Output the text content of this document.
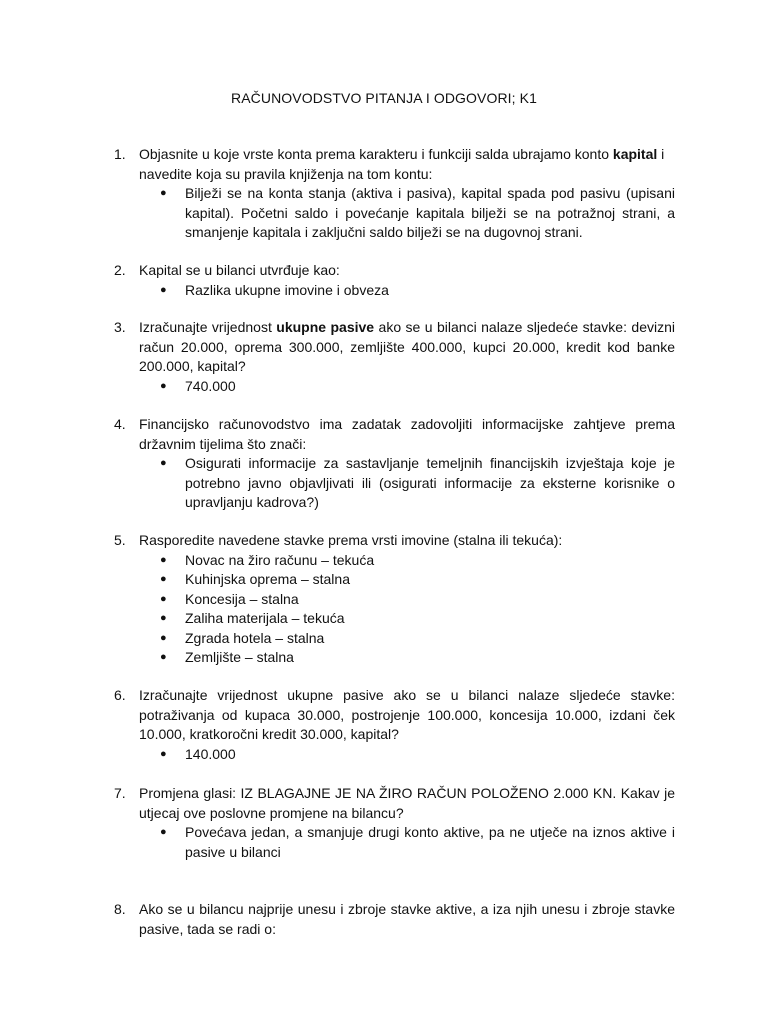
RAČUNOVODSTVO PITANJA I ODGOVORI; K1
1. Objasnite u koje vrste konta prema karakteru i funkciji salda ubrajamo konto kapital i navedite koja su pravila knjiženja na tom kontu:
● Bilježi se na konta stanja (aktiva i pasiva), kapital spada pod pasivu (upisani kapital). Početni saldo i povećanje kapitala bilježi se na potražnoj strani, a smanjenje kapitala i zaključni saldo bilježi se na dugovnoj strani.
2. Kapital se u bilanci utvrđuje kao:
● Razlika ukupne imovine i obveza
3. Izračunajte vrijednost ukupne pasive ako se u bilanci nalaze sljedeće stavke: devizni račun 20.000, oprema 300.000, zemljište 400.000, kupci 20.000, kredit kod banke 200.000, kapital?
● 740.000
4. Financijsko računovodstvo ima zadatak zadovoljiti informacijske zahtjeve prema državnim tijelima što znači:
● Osigurati informacije za sastavljanje temeljnih financijskih izvještaja koje je potrebno javno objavljivati ili (osigurati informacije za eksterne korisnike o upravljanju kadrova?)
5. Rasporedite navedene stavke prema vrsti imovine (stalna ili tekuća):
● Novac na žiro računu – tekuća
● Kuhinjska oprema – stalna
● Koncesija – stalna
● Zaliha materijala – tekuća
● Zgrada hotela – stalna
● Zemljište – stalna
6. Izračunajte vrijednost ukupne pasive ako se u bilanci nalaze sljedeće stavke: potraživanja od kupaca 30.000, postrojenje 100.000, koncesija 10.000, izdani ček 10.000, kratkoročni kredit 30.000, kapital?
● 140.000
7. Promjena glasi: IZ BLAGAJNE JE NA ŽIRO RAČUN POLOŽENO 2.000 KN. Kakav je utjecaj ove poslovne promjene na bilancu?
● Povećava jedan, a smanjuje drugi konto aktive, pa ne utječe na iznos aktive i pasive u bilanci
8. Ako se u bilancu najprije unesu i zbroje stavke aktive, a iza njih unesu i zbroje stavke pasive, tada se radi o:
